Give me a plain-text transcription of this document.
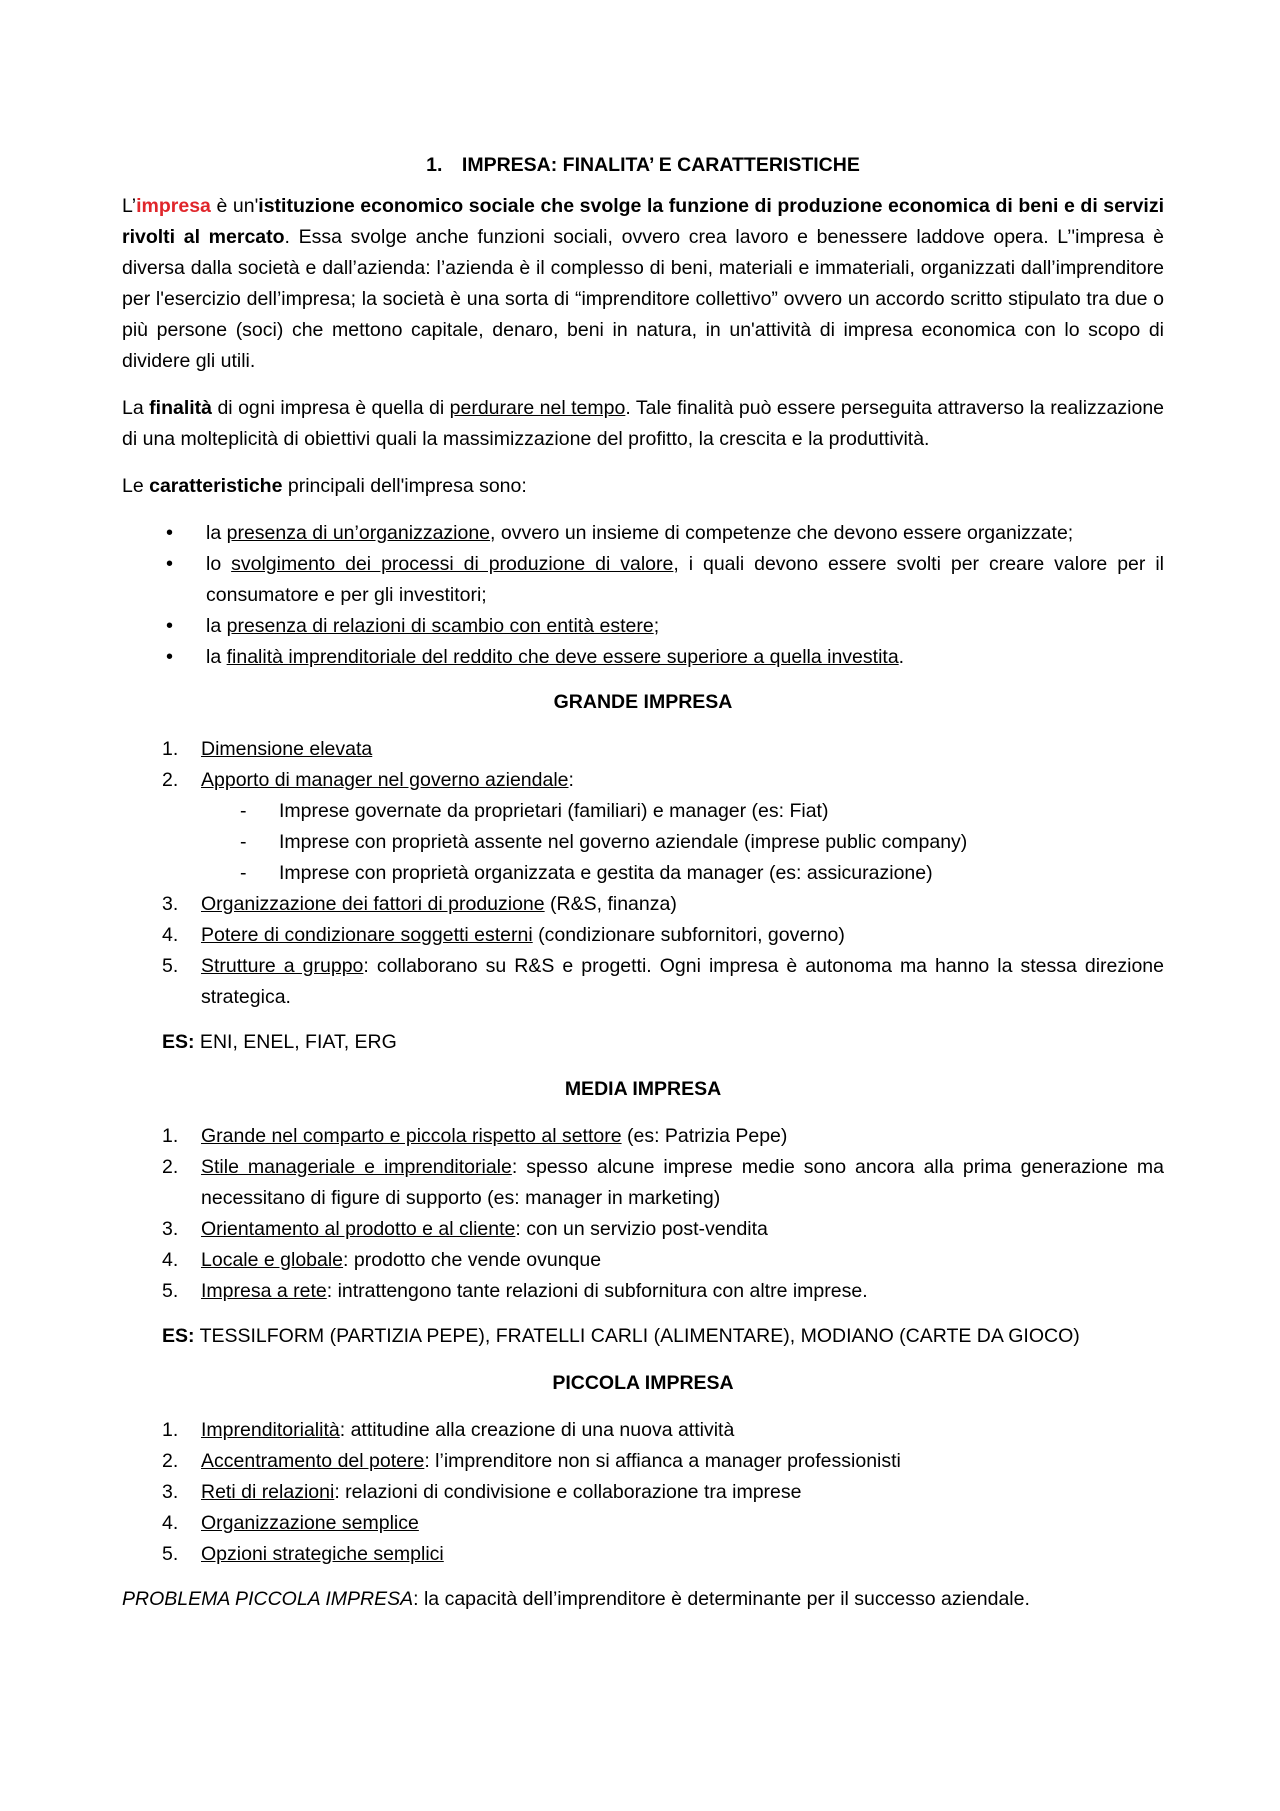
1. IMPRESA: FINALITA’ E CARATTERISTICHE

L’impresa è un'istituzione economico sociale che svolge la funzione di produzione economica di beni e di servizi rivolti al mercato. Essa svolge anche funzioni sociali, ovvero crea lavoro e benessere laddove opera. L’'impresa è diversa dalla società e dall’azienda: l’azienda è il complesso di beni, materiali e immateriali, organizzati dall’imprenditore per l'esercizio dell’impresa; la società è una sorta di “imprenditore collettivo” ovvero un accordo scritto stipulato tra due o più persone (soci) che mettono capitale, denaro, beni in natura, in un'attività di impresa economica con lo scopo di dividere gli utili.

La finalità di ogni impresa è quella di perdurare nel tempo. Tale finalità può essere perseguita attraverso la realizzazione di una molteplicità di obiettivi quali la massimizzazione del profitto, la crescita e la produttività.

Le caratteristiche principali dell'impresa sono:

• la presenza di un’organizzazione, ovvero un insieme di competenze che devono essere organizzate;
• lo svolgimento dei processi di produzione di valore, i quali devono essere svolti per creare valore per il consumatore e per gli investitori;
• la presenza di relazioni di scambio con entità estere;
• la finalità imprenditoriale del reddito che deve essere superiore a quella investita.

GRANDE IMPRESA

1. Dimensione elevata
2. Apporto di manager nel governo aziendale:
- Imprese governate da proprietari (familiari) e manager (es: Fiat)
- Imprese con proprietà assente nel governo aziendale (imprese public company)
- Imprese con proprietà organizzata e gestita da manager (es: assicurazione)
3. Organizzazione dei fattori di produzione (R&S, finanza)
4. Potere di condizionare soggetti esterni (condizionare subfornitori, governo)
5. Strutture a gruppo: collaborano su R&S e progetti. Ogni impresa è autonoma ma hanno la stessa direzione strategica.

ES: ENI, ENEL, FIAT, ERG

MEDIA IMPRESA

1. Grande nel comparto e piccola rispetto al settore (es: Patrizia Pepe)
2. Stile manageriale e imprenditoriale: spesso alcune imprese medie sono ancora alla prima generazione ma necessitano di figure di supporto (es: manager in marketing)
3. Orientamento al prodotto e al cliente: con un servizio post-vendita
4. Locale e globale: prodotto che vende ovunque
5. Impresa a rete: intrattengono tante relazioni di subfornitura con altre imprese.

ES: TESSILFORM (PARTIZIA PEPE), FRATELLI CARLI (ALIMENTARE), MODIANO (CARTE DA GIOCO)

PICCOLA IMPRESA

1. Imprenditorialità: attitudine alla creazione di una nuova attività
2. Accentramento del potere: l’imprenditore non si affianca a manager professionisti
3. Reti di relazioni: relazioni di condivisione e collaborazione tra imprese
4. Organizzazione semplice
5. Opzioni strategiche semplici

PROBLEMA PICCOLA IMPRESA: la capacità dell’imprenditore è determinante per il successo aziendale.
